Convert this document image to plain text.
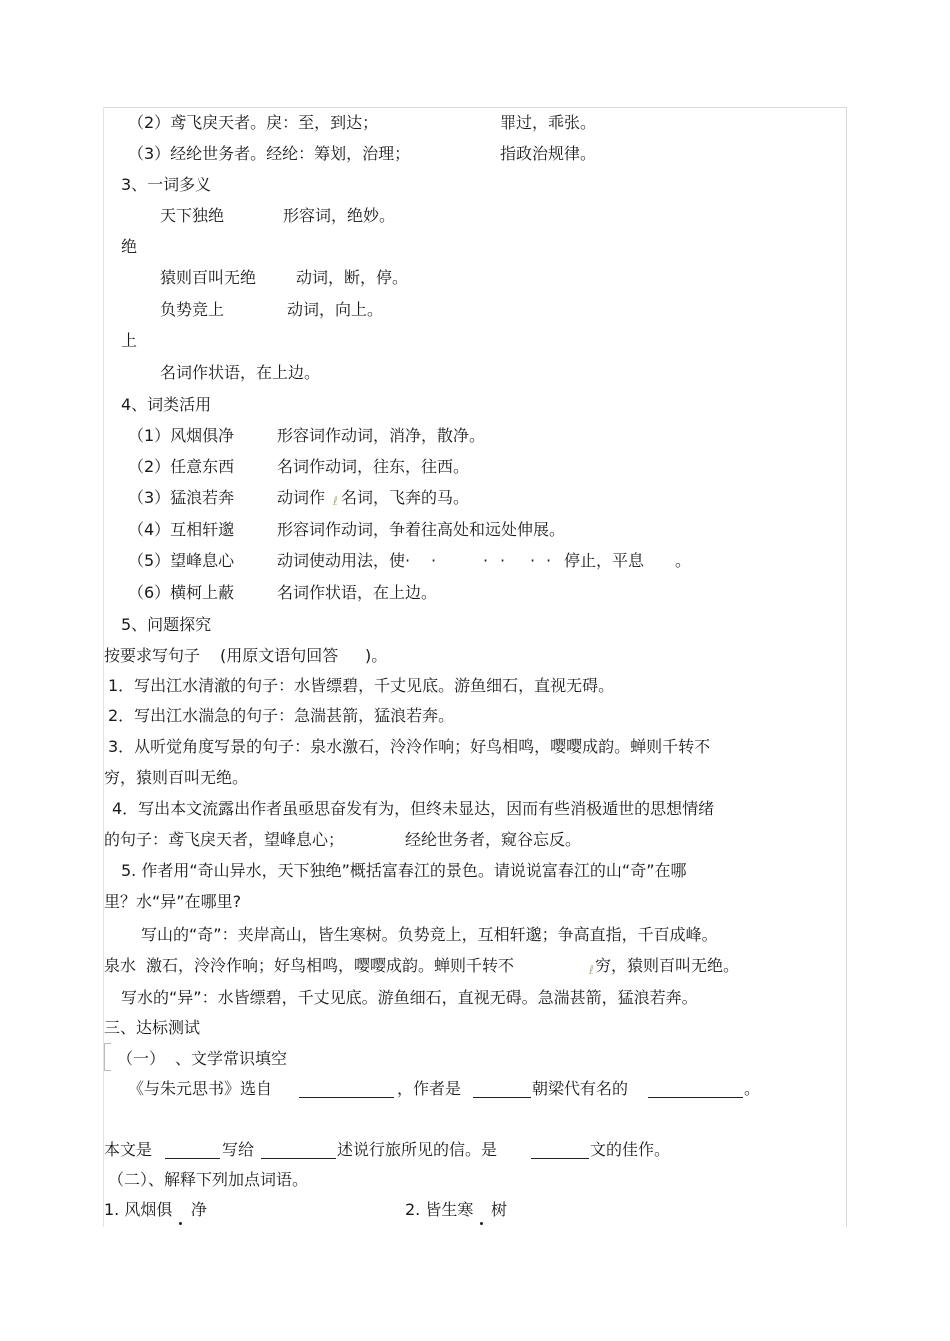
（2）鸢飞戾天者。戾：至，到达；	罪过，乖张。
（3）经纶世务者。经纶：筹划，治理；	指政治规律。
3、一词多义
天下独绝	形容词，绝妙。
绝
猿则百叫无绝 动词，断，停。
负势竞上	动词，向上。
上
名词作状语，在上边。
4、词类活用
（1）风烟俱净	形容词作动词，消净，散净。
（2）任意东西	名词作动词，往东，往西。
（3）猛浪若奔	动词作 ℓ 名词，飞奔的马。
（4）互相轩邈	形容词作动词，争着往高处和远处伸展。
（5）望峰息心	动词使动用法，使· ·	· · · · 停止，平息 。
（6）横柯上蔽	名词作状语，在上边。
5、问题探究
按要求写句子 (用原文语句回答 )。
1．写出江水清澈的句子：水皆缥碧，千丈见底。游鱼细石，直视无碍。
2．写出江水湍急的句子：急湍甚箭，猛浪若奔。
3．从听觉角度写景的句子：泉水激石，泠泠作响；好鸟相鸣，嘤嘤成韵。蝉则千转不
穷，猿则百叫无绝。
4．写出本文流露出作者虽亟思奋发有为，但终未显达，因而有些消极遁世的思想情绪
的句子：鸢飞戾天者，望峰息心；	经纶世务者，窥谷忘反。
5. 作者用“奇山异水，天下独绝”概括富春江的景色。请说说富春江的山“奇”在哪
里？水“异”在哪里?
写山的“奇”：夹岸高山，皆生寒树。负势竞上，互相轩邈；争高直指，千百成峰。
泉水 激石，泠泠作响；好鸟相鸣，嘤嘤成韵。蝉则千转不	ℓ 穷，猿则百叫无绝。
写水的“异”：水皆缥碧，千丈见底。游鱼细石，直视无碍。急湍甚箭，猛浪若奔。
三、达标测试
（一） 、文学常识填空
《与朱元思书》选自	，作者是	朝梁代有名的	。
本文是	写给	述说行旅所见的信。是	文的佳作。
（二）、解释下列加点词语。
1. 风烟俱 净	2. 皆生寒 树
